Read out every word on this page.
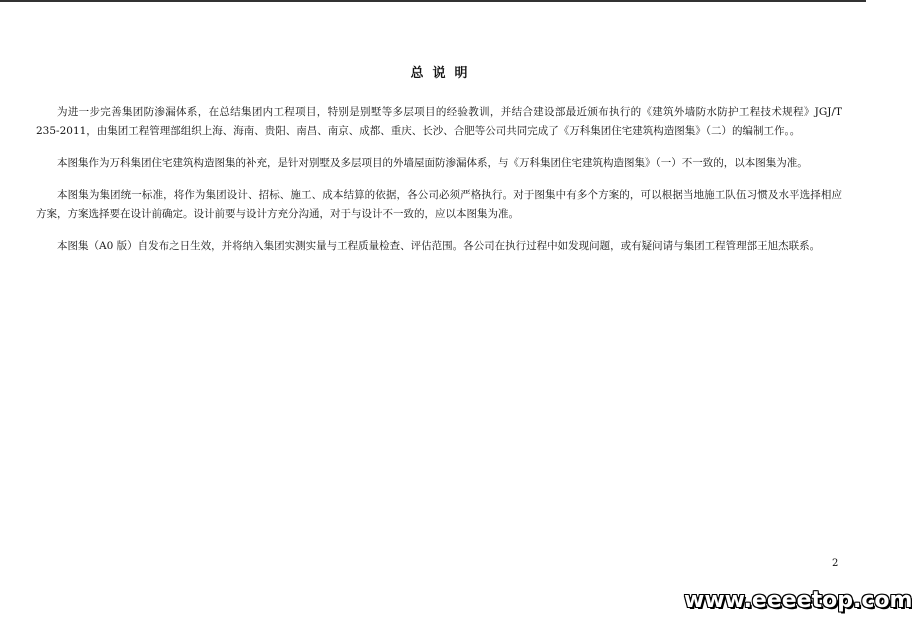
总说明

为进一步完善集团防渗漏体系，在总结集团内工程项目，特别是别墅等多层项目的经验教训，并结合建设部最近颁布执行的《建筑外墙防水防护工程技术规程》JGJ/T 235-2011，由集团工程管理部组织上海、海南、贵阳、南昌、南京、成都、重庆、长沙、合肥等公司共同完成了《万科集团住宅建筑构造图集》（二）的编制工作。。

本图集作为万科集团住宅建筑构造图集的补充，是针对别墅及多层项目的外墙屋面防渗漏体系，与《万科集团住宅建筑构造图集》（一）不一致的，以本图集为准。

本图集为集团统一标准，将作为集团设计、招标、施工、成本结算的依据，各公司必须严格执行。对于图集中有多个方案的，可以根据当地施工队伍习惯及水平选择相应方案，方案选择要在设计前确定。设计前要与设计方充分沟通，对于与设计不一致的，应以本图集为准。

本图集（A0 版）自发布之日生效，并将纳入集团实测实量与工程质量检查、评估范围。各公司在执行过程中如发现问题，或有疑问请与集团工程管理部王旭杰联系。

2
www.eeeetop.com
